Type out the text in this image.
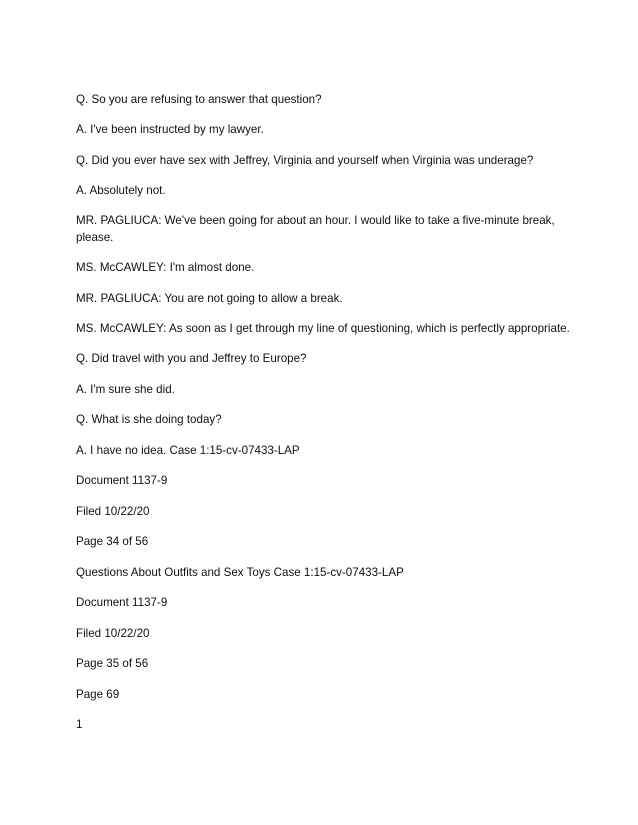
Q. So you are refusing to answer that question?

A. I've been instructed by my lawyer.

Q. Did you ever have sex with Jeffrey, Virginia and yourself when Virginia was underage?

A. Absolutely not.

MR. PAGLIUCA: We've been going for about an hour. I would like to take a five-minute break, please.

MS. McCAWLEY: I'm almost done.

MR. PAGLIUCA: You are not going to allow a break.

MS. McCAWLEY: As soon as I get through my line of questioning, which is perfectly appropriate.

Q. Did travel with you and Jeffrey to Europe?

A. I'm sure she did.

Q. What is she doing today?

A. I have no idea. Case 1:15-cv-07433-LAP

Document 1137-9

Filed 10/22/20

Page 34 of 56

Questions About Outfits and Sex Toys Case 1:15-cv-07433-LAP

Document 1137-9

Filed 10/22/20

Page 35 of 56

Page 69

1
